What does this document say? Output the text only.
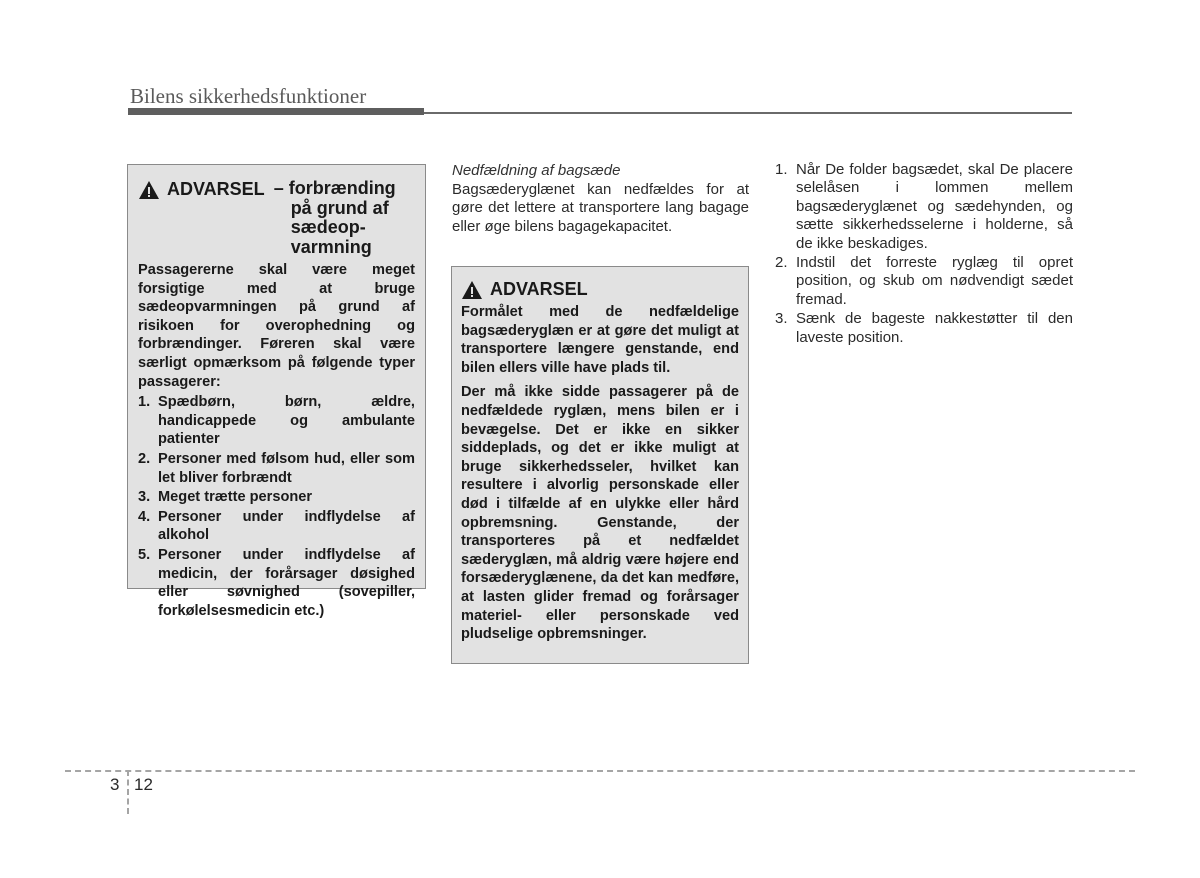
Bilens sikkerhedsfunktioner
ADVARSEL – forbrænding
på grund af
sædeop-
varmning

Passagererne skal være meget forsigtige med at bruge sædeopvarmningen på grund af risikoen for overophedning og forbrændinger. Føreren skal være særligt opmærksom på følgende typer passagerer:

1. Spædbørn, børn, ældre, handicappede og ambulante patienter
2. Personer med følsom hud, eller som let bliver forbrændt
3. Meget trætte personer
4. Personer under indflydelse af alkohol
5. Personer under indflydelse af medicin, der forårsager døsighed eller søvnighed (sovepiller, forkølelsesmedicin etc.)
Nedfældning af bagsæde

Bagsæderyglænet kan nedfældes for at gøre det lettere at transportere lang bagage eller øge bilens bagagekapacitet.

ADVARSEL

Formålet med de nedfældelige bagsæderyglæn er at gøre det muligt at transportere længere genstande, end bilen ellers ville have plads til.

Der må ikke sidde passagerer på de nedfældede ryglæn, mens bilen er i bevægelse. Det er ikke en sikker siddeplads, og det er ikke muligt at bruge sikkerhedsseler, hvilket kan resultere i alvorlig personskade eller død i tilfælde af en ulykke eller hård opbremsning. Genstande, der transporteres på et nedfældet sæderyglæn, må aldrig være højere end forsæderyglænene, da det kan medføre, at lasten glider fremad og forårsager materiel- eller personskade ved pludselige opbremsninger.

1. Når De folder bagsædet, skal De placere selelåsen i lommen mellem bagsæderyglænet og sædehynden, og sætte sikkerhedsselerne i holderne, så de ikke beskadiges.
2. Indstil det forreste ryglæg til opret position, og skub om nødvendigt sædet fremad.
3. Sænk de bageste nakkestøtter til den laveste position.
3 12
